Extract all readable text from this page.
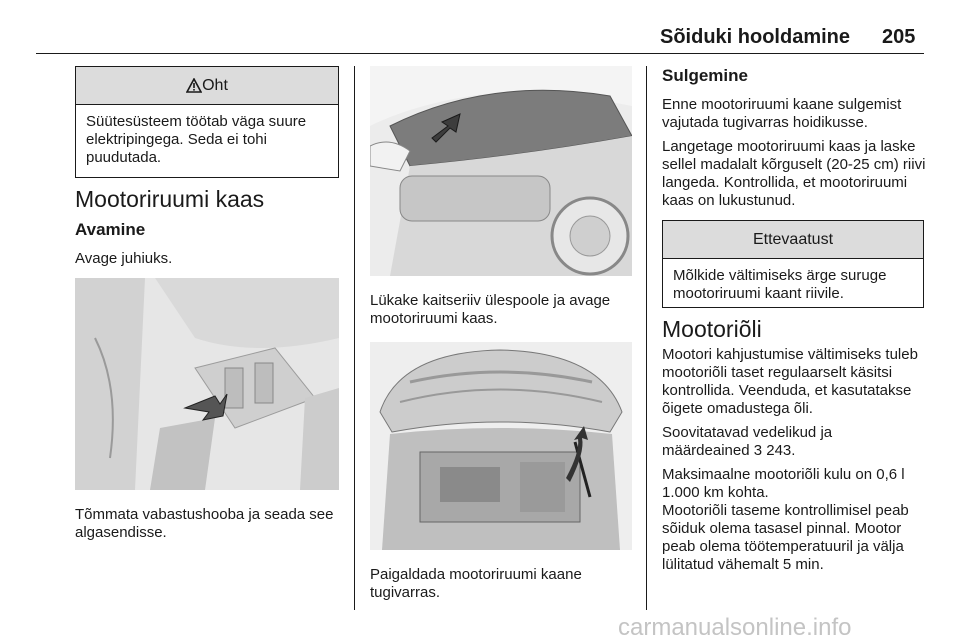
Sõiduki hooldamine 205
Oht
Süütesüsteem töötab väga suure elektripingega. Seda ei tohi puudutada.
Mootoriruumi kaas
Avamine
Avage juhiuks.
Tõmmata vabastushooba ja seada see algasendisse.
Lükake kaitseriiv ülespoole ja avage mootoriruumi kaas.
Paigaldada mootoriruumi kaane tugivarras.
Sulgemine
Enne mootoriruumi kaane sulgemist vajutada tugivarras hoidikusse.
Langetage mootoriruumi kaas ja laske sellel madalalt kõrguselt (20-25 cm) riivi langeda. Kontrollida, et mootoriruumi kaas on lukustunud.
Ettevaatust
Mõlkide vältimiseks ärge suruge mootoriruumi kaant riivile.
Mootoriõli
Mootori kahjustumise vältimiseks tuleb mootoriõli taset regulaarselt käsitsi kontrollida. Veenduda, et kasutatakse õigete omadustega õli.
Soovitatavad vedelikud ja määrdeained 3 243.
Maksimaalne mootoriõli kulu on 0,6 l 1.000 km kohta.
Mootoriõli taseme kontrollimisel peab sõiduk olema tasasel pinnal. Mootor peab olema töötemperatuuril ja välja lülitatud vähemalt 5 min.
carmanualsonline.info
